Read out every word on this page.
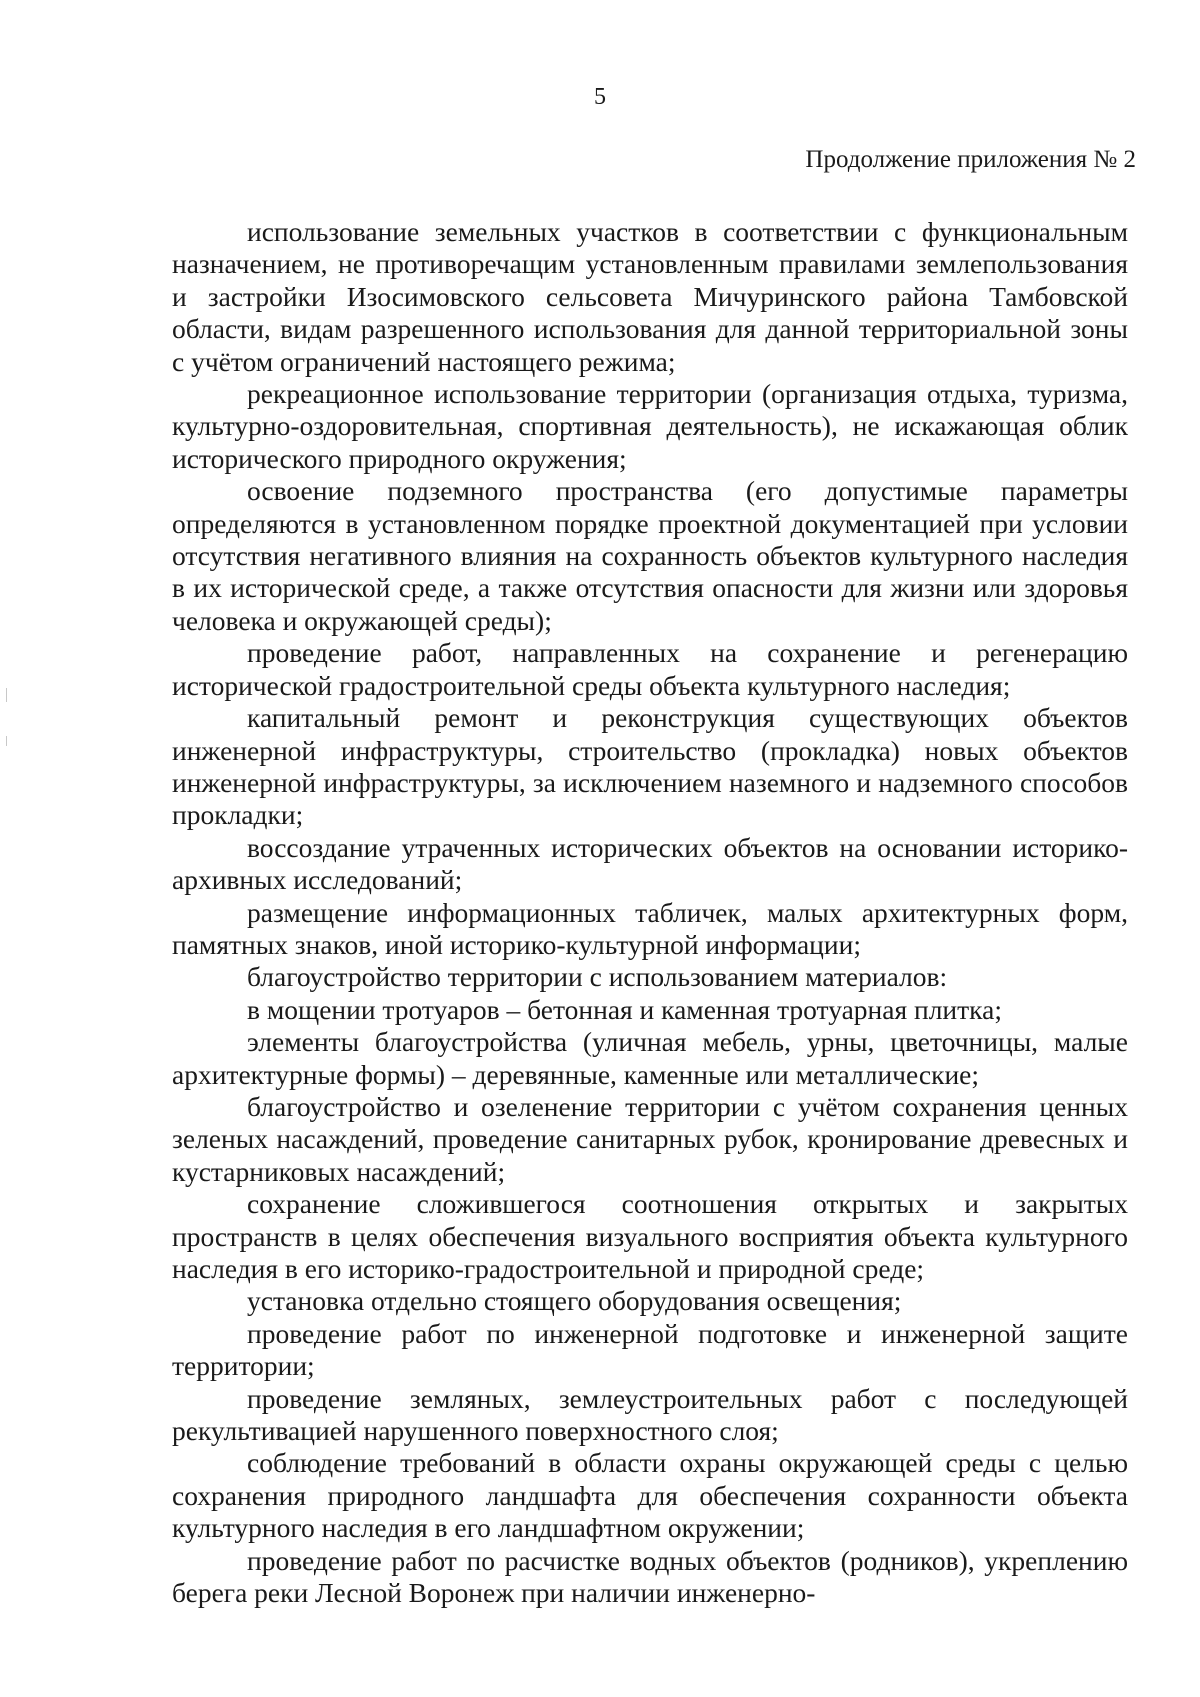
5
Продолжение приложения № 2

использование земельных участков в соответствии с функциональным назначением, не противоречащим установленным правилами землепользования и застройки Изосимовского сельсовета Мичуринского района Тамбовской области, видам разрешенного использования для данной территориальной зоны с учётом ограничений настоящего режима;

рекреационное использование территории (организация отдыха, туризма, культурно-оздоровительная, спортивная деятельность), не искажающая облик исторического природного окружения;

освоение подземного пространства (его допустимые параметры определяются в установленном порядке проектной документацией при условии отсутствия негативного влияния на сохранность объектов культурного наследия в их исторической среде, а также отсутствия опасности для жизни или здоровья человека и окружающей среды);

проведение работ, направленных на сохранение и регенерацию исторической градостроительной среды объекта культурного наследия;

капитальный ремонт и реконструкция существующих объектов инженерной инфраструктуры, строительство (прокладка) новых объектов инженерной инфраструктуры, за исключением наземного и надземного способов прокладки;

воссоздание утраченных исторических объектов на основании историко-архивных исследований;

размещение информационных табличек, малых архитектурных форм, памятных знаков, иной историко-культурной информации;

благоустройство территории с использованием материалов:

в мощении тротуаров – бетонная и каменная тротуарная плитка;

элементы благоустройства (уличная мебель, урны, цветочницы, малые архитектурные формы) – деревянные, каменные или металлические;

благоустройство и озеленение территории с учётом сохранения ценных зеленых насаждений, проведение санитарных рубок, кронирование древесных и кустарниковых насаждений;

сохранение сложившегося соотношения открытых и закрытых пространств в целях обеспечения визуального восприятия объекта культурного наследия в его историко-градостроительной и природной среде;

установка отдельно стоящего оборудования освещения;

проведение работ по инженерной подготовке и инженерной защите территории;

проведение земляных, землеустроительных работ с последующей рекультивацией нарушенного поверхностного слоя;

соблюдение требований в области охраны окружающей среды с целью сохранения природного ландшафта для обеспечения сохранности объекта культурного наследия в его ландшафтном окружении;

проведение работ по расчистке водных объектов (родников), укреплению берега реки Лесной Воронеж при наличии инженерно-
